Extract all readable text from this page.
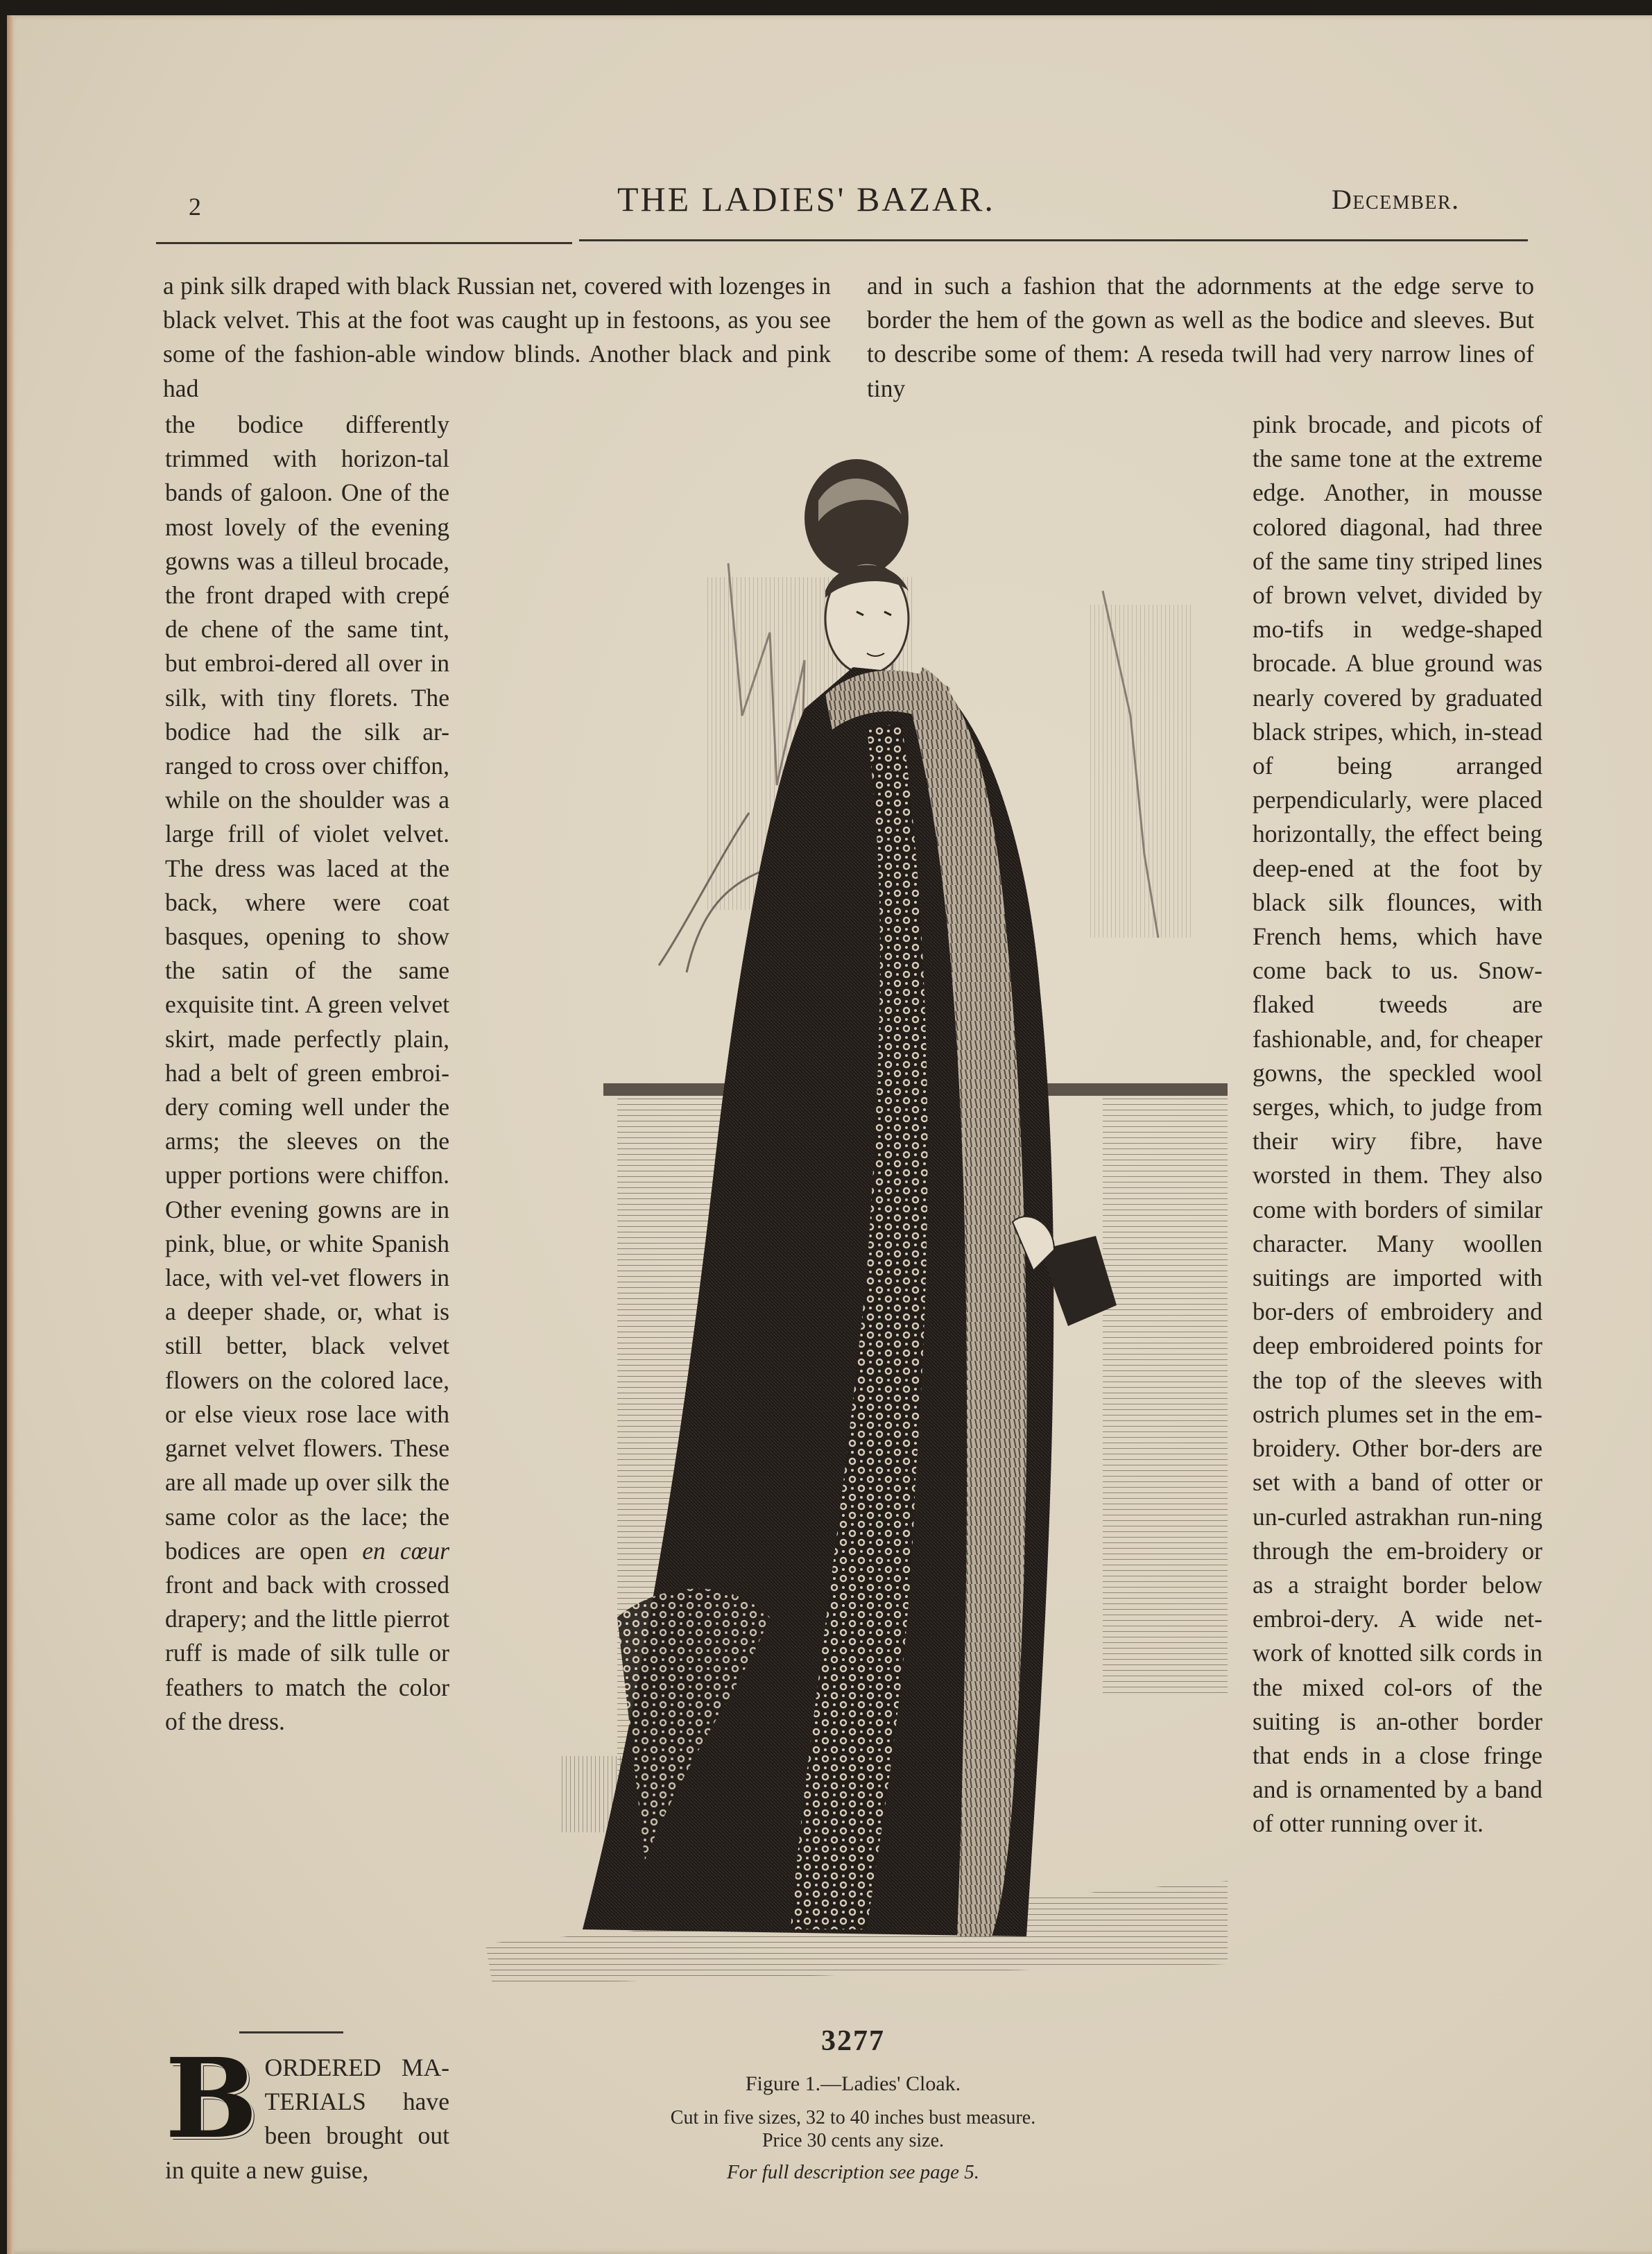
2	THE LADIES' BAZAR.	December.
a pink silk draped with black Russian net, covered with lozenges in black velvet. This at the foot was caught up in festoons, as you see some of the fashion-able window blinds. Another black and pink had
and in such a fashion that the adornments at the edge serve to border the hem of the gown as well as the bodice and sleeves. But to describe some of them: A reseda twill had very narrow lines of tiny
the bodice differently trimmed with horizon-tal bands of galoon. One of the most lovely of the evening gowns was a tilleul brocade, the front draped with crepé de chene of the same tint, but embroi-dered all over in silk, with tiny florets. The bodice had the silk ar-ranged to cross over chiffon, while on the shoulder was a large frill of violet velvet. The dress was laced at the back, where were coat basques, opening to show the satin of the same exquisite tint. A green velvet skirt, made perfectly plain, had a belt of green embroi-dery coming well under the arms; the sleeves on the upper portions were chiffon. Other evening gowns are in pink, blue, or white Spanish lace, with vel-vet flowers in a deeper shade, or, what is still better, black velvet flowers on the colored lace, or else vieux rose lace with garnet velvet flowers. These are all made up over silk the same color as the lace; the bodices are open en cœur front and back with crossed drapery; and the little pierrot ruff is made of silk tulle or feathers to match the color of the dress.
BORDERED MA-TERIALS have been brought out in quite a new guise,
pink brocade, and picots of the same tone at the extreme edge. Another, in mousse colored diagonal, had three of the same tiny striped lines of brown velvet, divided by mo-tifs in wedge-shaped brocade. A blue ground was nearly covered by graduated black stripes, which, in-stead of being arranged perpendicularly, were placed horizontally, the effect being deep-ened at the foot by black silk flounces, with French hems, which have come back to us. Snow-flaked tweeds are fashionable, and, for cheaper gowns, the speckled wool serges, which, to judge from their wiry fibre, have worsted in them. They also come with borders of similar character. Many woollen suitings are imported with bor-ders of embroidery and deep embroidered points for the top of the sleeves with ostrich plumes set in the em-broidery. Other bor-ders are set with a band of otter or un-curled astrakhan run-ning through the em-broidery or as a straight border below embroi-dery. A wide net-work of knotted silk cords in the mixed col-ors of the suiting is an-other border that ends in a close fringe and is ornamented by a band of otter running over it.
3277
Figure 1.—Ladies' Cloak.
Cut in five sizes, 32 to 40 inches bust measure.
Price 30 cents any size.
For full description see page 5.
